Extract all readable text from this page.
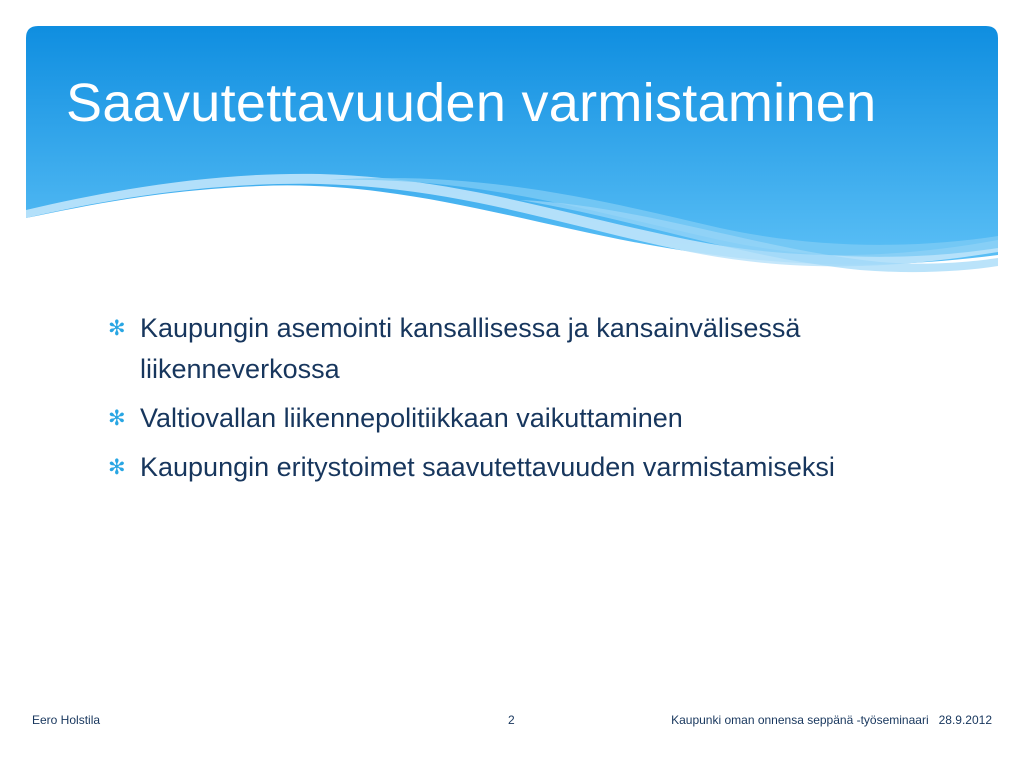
Saavutettavuuden varmistaminen
✻ Kaupungin asemointi kansallisessa ja kansainvälisessä liikenneverkossa
✻ Valtiovallan liikennepolitiikkaan vaikuttaminen
✻ Kaupungin eritystoimet saavutettavuuden varmistamiseksi
Eero Holstila	2	Kaupunki oman onnensa seppänä -työseminaari   28.9.2012
